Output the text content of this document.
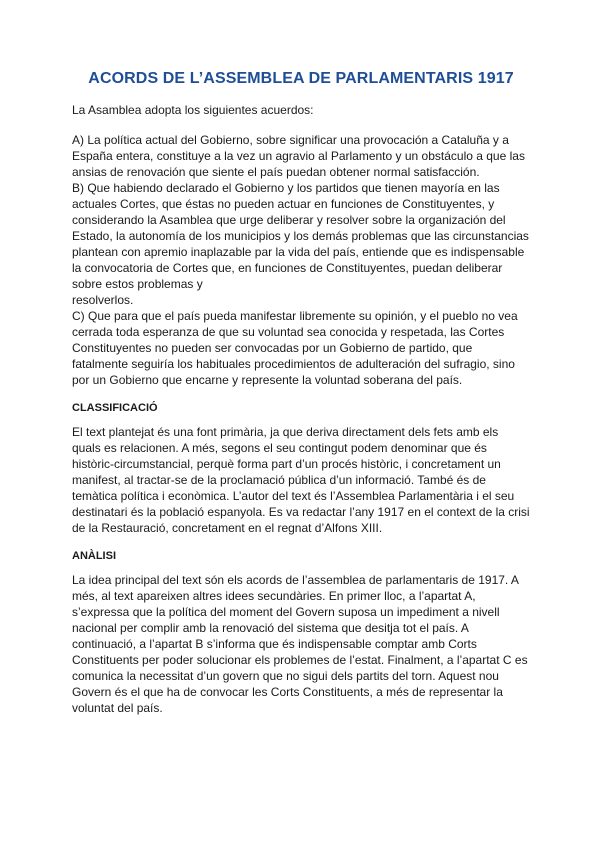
ACORDS DE L’ASSEMBLEA DE PARLAMENTARIS 1917

La Asamblea adopta los siguientes acuerdos:

A) La política actual del Gobierno, sobre significar una provocación a Cataluña y a España entera, constituye a la vez un agravio al Parlamento y un obstáculo a que las ansias de renovación que siente el país puedan obtener normal satisfacción.

B) Que habiendo declarado el Gobierno y los partidos que tienen mayoría en las actuales Cortes, que éstas no pueden actuar en funciones de Constituyentes, y considerando la Asamblea que urge deliberar y resolver sobre la organización del Estado, la autonomía de los municipios y los demás problemas que las circunstancias plantean con apremio inaplazable par la vida del país, entiende que es indispensable la convocatoria de Cortes que, en funciones de Constituyentes, puedan deliberar sobre estos problemas y

resolverlos.

C) Que para que el país pueda manifestar libremente su opinión, y el pueblo no vea cerrada toda esperanza de que su voluntad sea conocida y respetada, las Cortes Constituyentes no pueden ser convocadas por un Gobierno de partido, que fatalmente seguiría los habituales procedimientos de adulteración del sufragio, sino por un Gobierno que encarne y represente la voluntad soberana del país.

CLASSIFICACIÓ

El text plantejat és una font primària, ja que deriva directament dels fets amb els quals es relacionen. A més, segons el seu contingut podem denominar que és històric-circumstancial, perquè forma part d’un procés històric, i concretament un manifest, al tractar-se de la proclamació pública d’un informació. També és de temàtica política i econòmica. L’autor del text és l’Assemblea Parlamentària i el seu destinatari és la població espanyola. Es va redactar l’any 1917 en el context de la crisi de la Restauració, concretament en el regnat d’Alfons XIII.

ANÀLISI

La idea principal del text són els acords de l’assemblea de parlamentaris de 1917. A més, al text apareixen altres idees secundàries. En primer lloc, a l’apartat A, s’expressa que la política del moment del Govern suposa un impediment a nivell nacional per complir amb la renovació del sistema que desitja tot el país. A continuació, a l’apartat B s’informa que és indispensable comptar amb Corts Constituents per poder solucionar els problemes de l’estat. Finalment, a l’apartat C es comunica la necessitat d’un govern que no sigui dels partits del torn. Aquest nou Govern és el que ha de convocar les Corts Constituents, a més de representar la voluntat del país.
